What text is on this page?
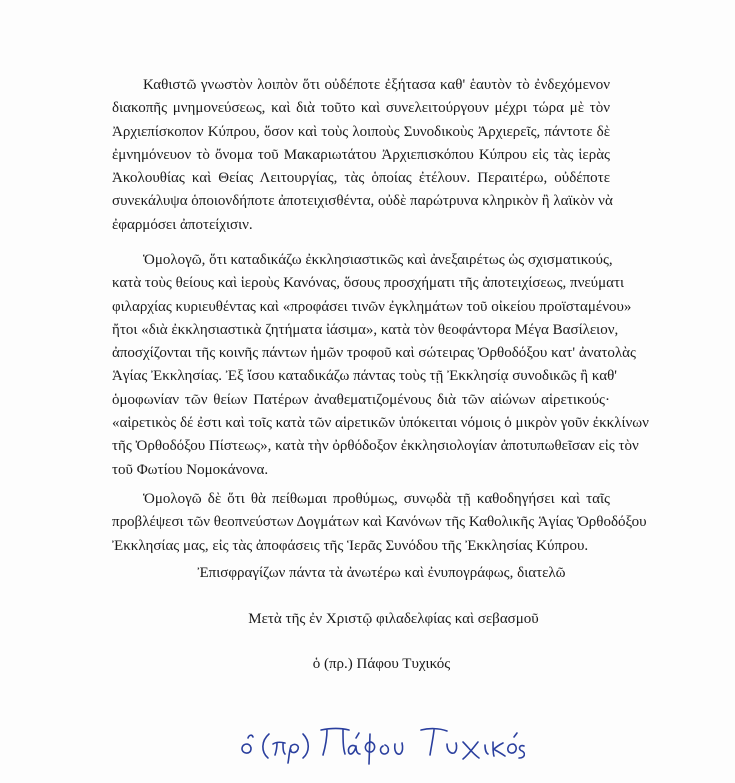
Καθιστῶ γνωστὸν λοιπὸν ὅτι οὐδέποτε ἐξήτασα καθ' ἑαυτὸν τὸ ἐνδεχόμενον
διακοπῆς μνημονεύσεως, καὶ διὰ τοῦτο καὶ συνελειτούργουν μέχρι τώρα μὲ τὸν
Ἀρχιεπίσκοπον Κύπρου, ὅσον καὶ τοὺς λοιποὺς Συνοδικοὺς Ἀρχιερεῖς, πάντοτε δὲ
ἐμνημόνευον τὸ ὄνομα τοῦ Μακαριωτάτου Ἀρχιεπισκόπου Κύπρου εἰς τὰς ἱερὰς
Ἀκολουθίας καὶ Θείας Λειτουργίας, τὰς ὁποίας ἐτέλουν. Περαιτέρω, οὐδέποτε
συνεκάλυψα ὁποιονδήποτε ἀποτειχισθέντα, οὐδὲ παρώτρυνα κληρικὸν ἢ λαϊκὸν νὰ
ἐφαρμόσει ἀποτείχισιν.

Ὁμολογῶ, ὅτι καταδικάζω ἐκκλησιαστικῶς καὶ ἀνεξαιρέτως ὡς σχισματικούς,
κατὰ τοὺς θείους καὶ ἱεροὺς Κανόνας, ὅσους προσχήματι τῆς ἀποτειχίσεως, πνεύματι
φιλαρχίας κυριευθέντας καὶ «προφάσει τινῶν ἐγκλημάτων τοῦ οἰκείου προϊσταμένου»
ἤτοι «διὰ ἐκκλησιαστικὰ ζητήματα ἰάσιμα», κατὰ τὸν θεοφάντορα Μέγα Βασίλειον,
ἀποσχίζονται τῆς κοινῆς πάντων ἡμῶν τροφοῦ καὶ σώτειρας Ὀρθοδόξου κατ' ἀνατολὰς
Ἁγίας Ἐκκλησίας. Ἐξ ἴσου καταδικάζω πάντας τοὺς τῇ Ἐκκλησίᾳ συνοδικῶς ἢ καθ'
ὁμοφωνίαν τῶν θείων Πατέρων ἀναθεματιζομένους διὰ τῶν αἰώνων αἱρετικούς·
«αἱρετικὸς δέ ἐστι καὶ τοῖς κατὰ τῶν αἱρετικῶν ὑπόκειται νόμοις ὁ μικρὸν γοῦν ἐκκλίνων
τῆς Ὀρθοδόξου Πίστεως», κατὰ τὴν ὀρθόδοξον ἐκκλησιολογίαν ἀποτυπωθεῖσαν εἰς τὸν
τοῦ Φωτίου Νομοκάνονα.

Ὁμολογῶ δὲ ὅτι θὰ πείθωμαι προθύμως, συνῳδὰ τῇ καθοδηγήσει καὶ ταῖς
προβλέψεσι τῶν θεοπνεύστων Δογμάτων καὶ Κανόνων τῆς Καθολικῆς Ἁγίας Ὀρθοδόξου
Ἐκκλησίας μας, εἰς τὰς ἀποφάσεις τῆς Ἱερᾶς Συνόδου τῆς Ἐκκλησίας Κύπρου.

Ἐπισφραγίζων πάντα τὰ ἀνωτέρω καὶ ἐνυπογράφως, διατελῶ

Μετὰ τῆς ἐν Χριστῷ φιλαδελφίας καὶ σεβασμοῦ

ὁ (πρ.) Πάφου Τυχικός
